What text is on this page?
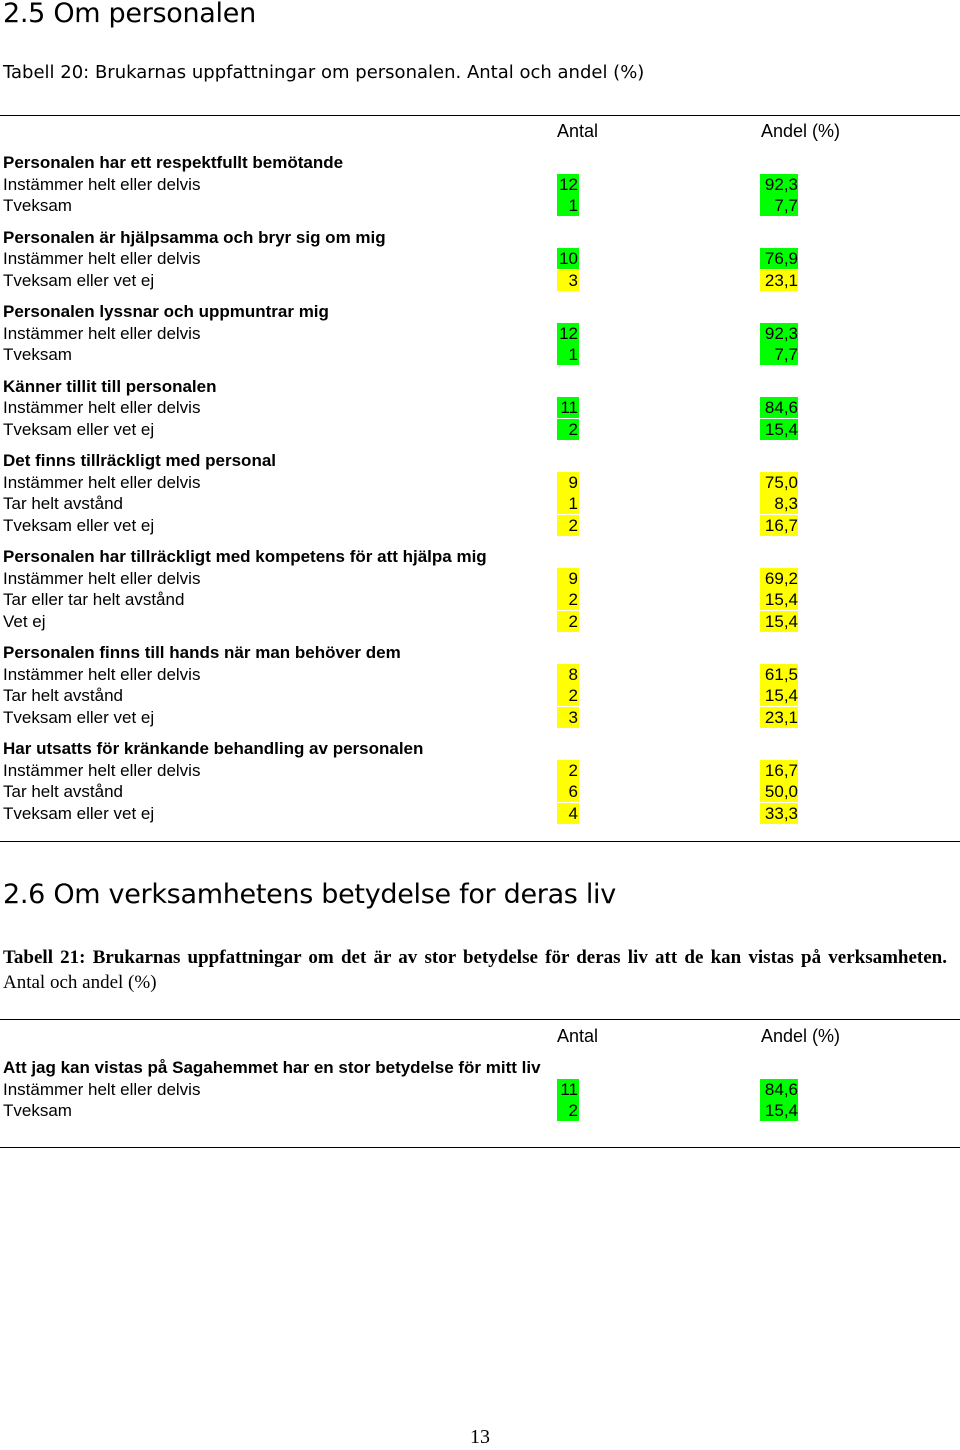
2.5 Om personalen

Tabell 20: Brukarnas uppfattningar om personalen. Antal och andel (%)

Antal	Andel (%)
Personalen har ett respektfullt bemötande
Instämmer helt eller delvis	12	92,3
Tveksam	1	7,7
Personalen är hjälpsamma och bryr sig om mig
Instämmer helt eller delvis	10	76,9
Tveksam eller vet ej	3	23,1
Personalen lyssnar och uppmuntrar mig
Instämmer helt eller delvis	12	92,3
Tveksam	1	7,7
Känner tillit till personalen
Instämmer helt eller delvis	11	84,6
Tveksam eller vet ej	2	15,4
Det finns tillräckligt med personal
Instämmer helt eller delvis	9	75,0
Tar helt avstånd	1	8,3
Tveksam eller vet ej	2	16,7
Personalen har tillräckligt med kompetens för att hjälpa mig
Instämmer helt eller delvis	9	69,2
Tar eller tar helt avstånd	2	15,4
Vet ej	2	15,4
Personalen finns till hands när man behöver dem
Instämmer helt eller delvis	8	61,5
Tar helt avstånd	2	15,4
Tveksam eller vet ej	3	23,1
Har utsatts för kränkande behandling av personalen
Instämmer helt eller delvis	2	16,7
Tar helt avstånd	6	50,0
Tveksam eller vet ej	4	33,3
2.6 Om verksamhetens betydelse for deras liv

Tabell 21: Brukarnas uppfattningar om det är av stor betydelse för deras liv att de kan vistas på verksamheten. Antal och andel (%)

Antal	Andel (%)
Att jag kan vistas på Sagahemmet har en stor betydelse för mitt liv
Instämmer helt eller delvis	11	84,6
Tveksam	2	15,4
13
